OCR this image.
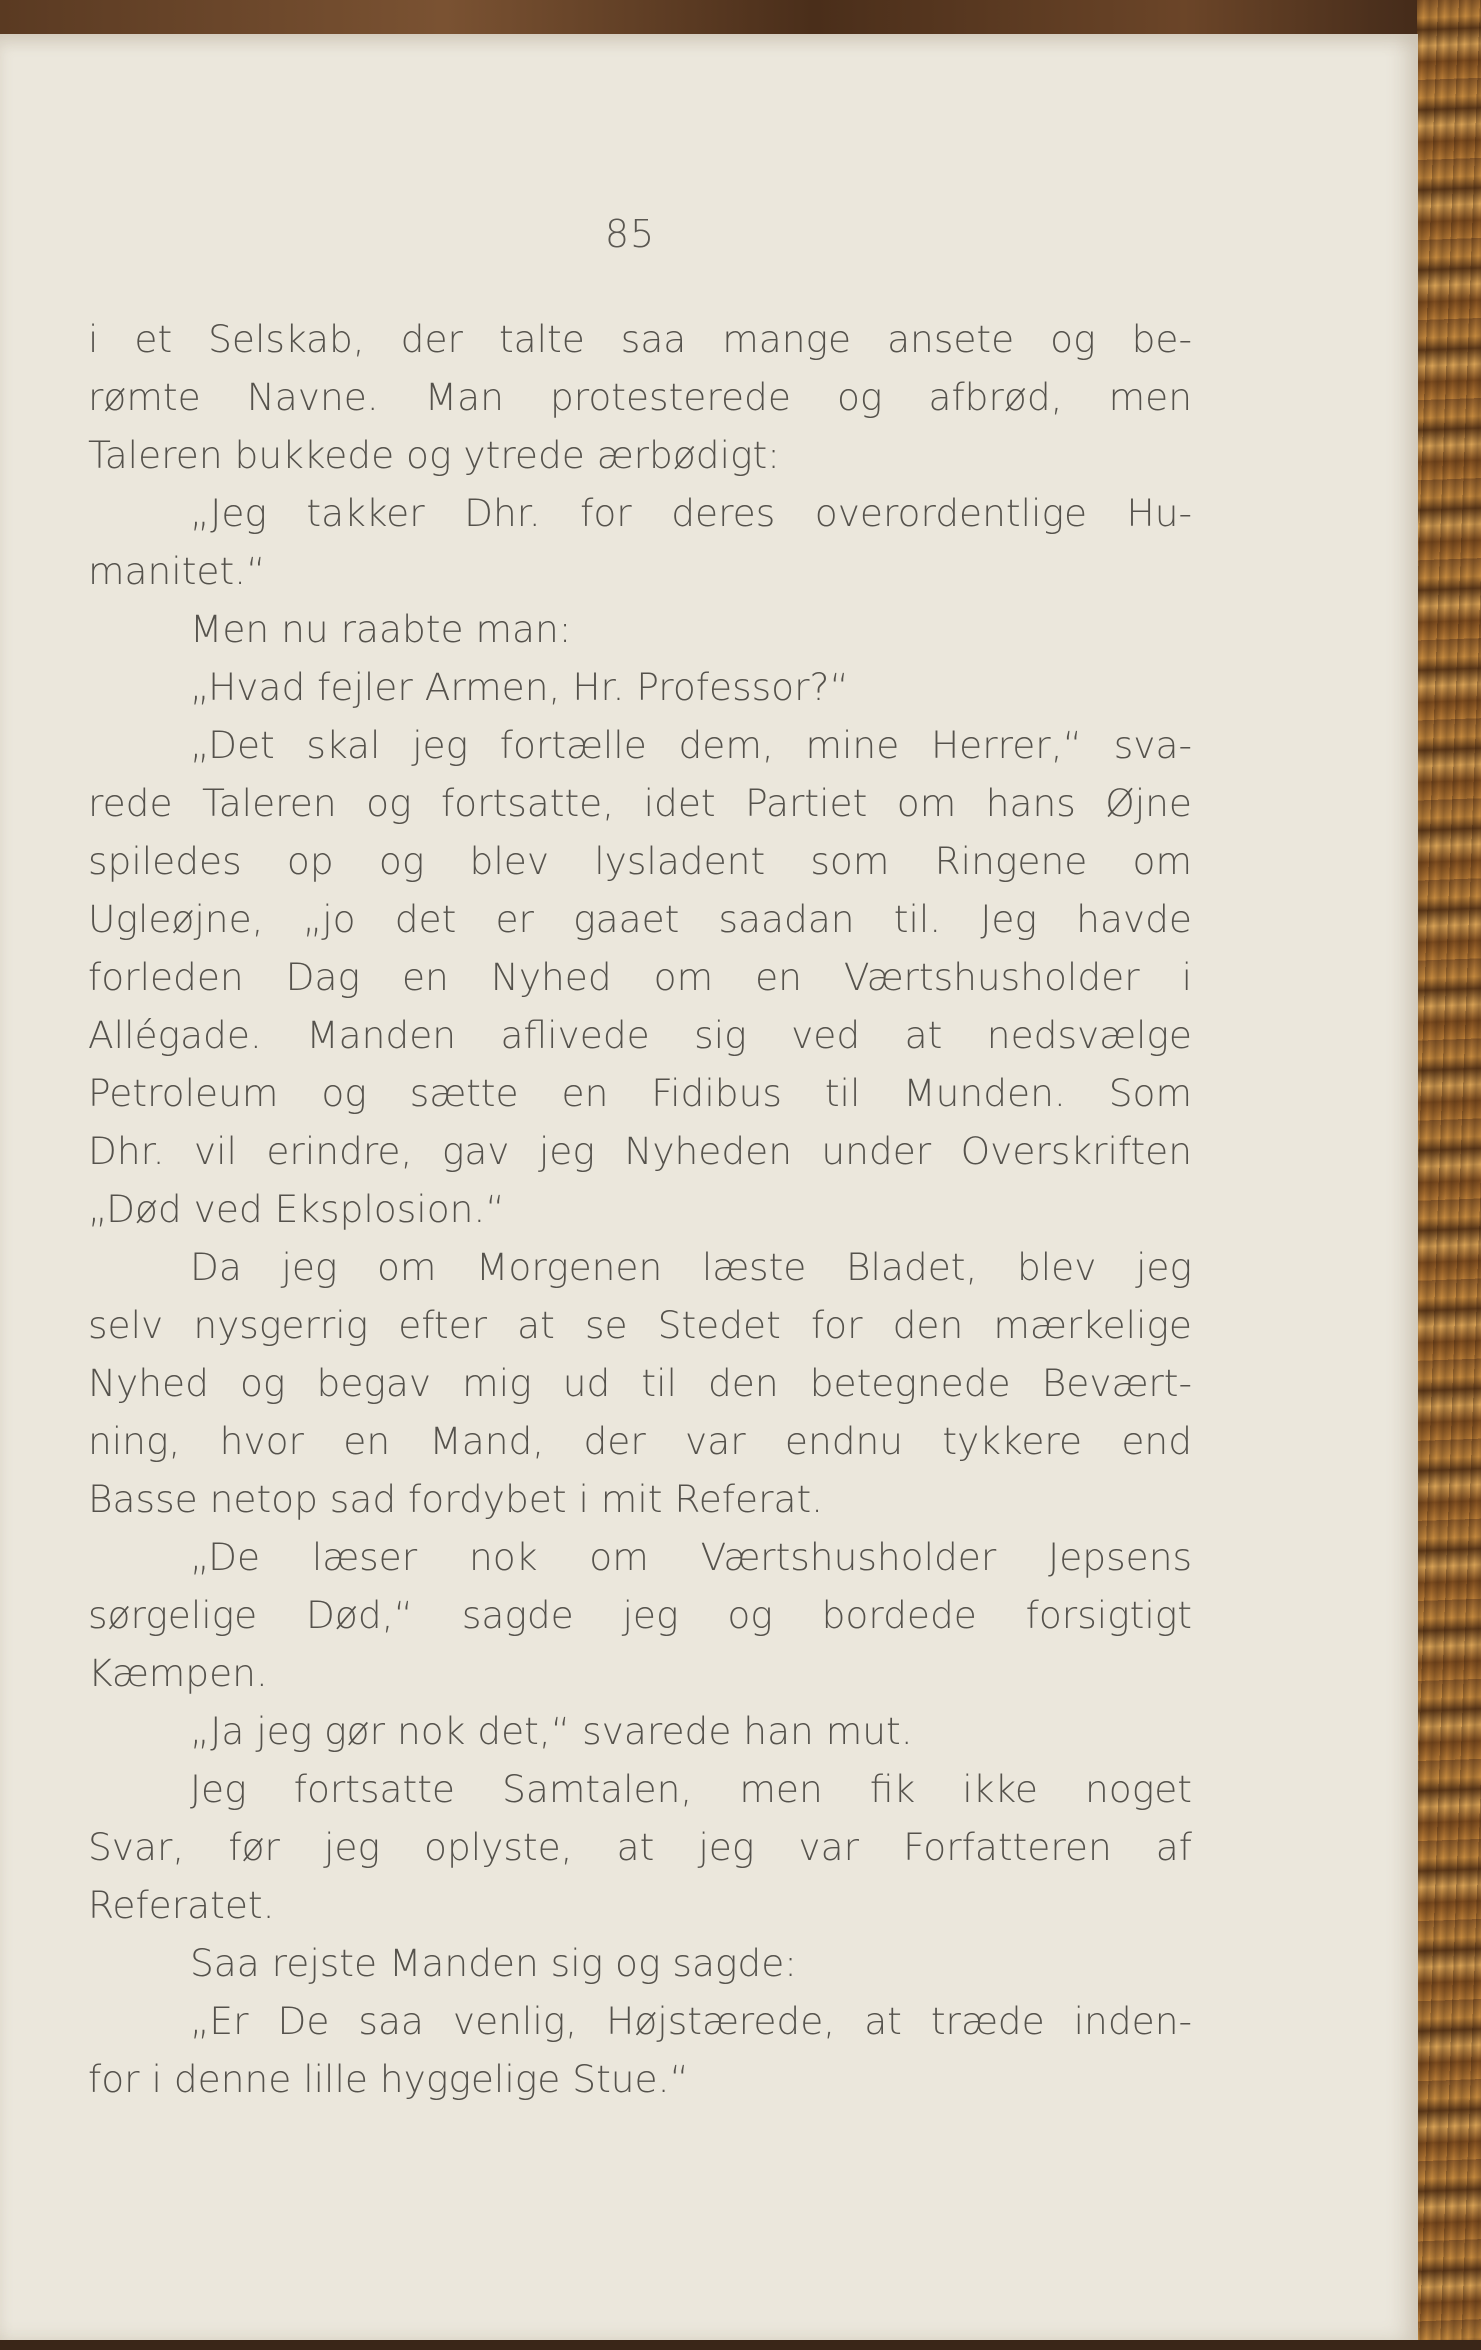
85
i et Selskab, der talte saa mange ansete og be-
rømte Navne. Man protesterede og afbrød, men
Taleren bukkede og ytrede ærbødigt:
„Jeg takker Dhr. for deres overordentlige Hu-
manitet.“
Men nu raabte man:
„Hvad fejler Armen, Hr. Professor?“
„Det skal jeg fortælle dem, mine Herrer,“ sva-
rede Taleren og fortsatte, idet Partiet om hans Øjne
spiledes op og blev lysladent som Ringene om
Ugleøjne, „jo det er gaaet saadan til. Jeg havde
forleden Dag en Nyhed om en Værtshusholder i
Allégade. Manden aflivede sig ved at nedsvælge
Petroleum og sætte en Fidibus til Munden. Som
Dhr. vil erindre, gav jeg Nyheden under Overskriften
„Død ved Eksplosion.“
Da jeg om Morgenen læste Bladet, blev jeg
selv nysgerrig efter at se Stedet for den mærkelige
Nyhed og begav mig ud til den betegnede Bevært-
ning, hvor en Mand, der var endnu tykkere end
Basse netop sad fordybet i mit Referat.
„De læser nok om Værtshusholder Jepsens
sørgelige Død,“ sagde jeg og bordede forsigtigt
Kæmpen.
„Ja jeg gør nok det,“ svarede han mut.
Jeg fortsatte Samtalen, men fik ikke noget
Svar, før jeg oplyste, at jeg var Forfatteren af
Referatet.
Saa rejste Manden sig og sagde:
„Er De saa venlig, Højstærede, at træde inden-
for i denne lille hyggelige Stue.“
